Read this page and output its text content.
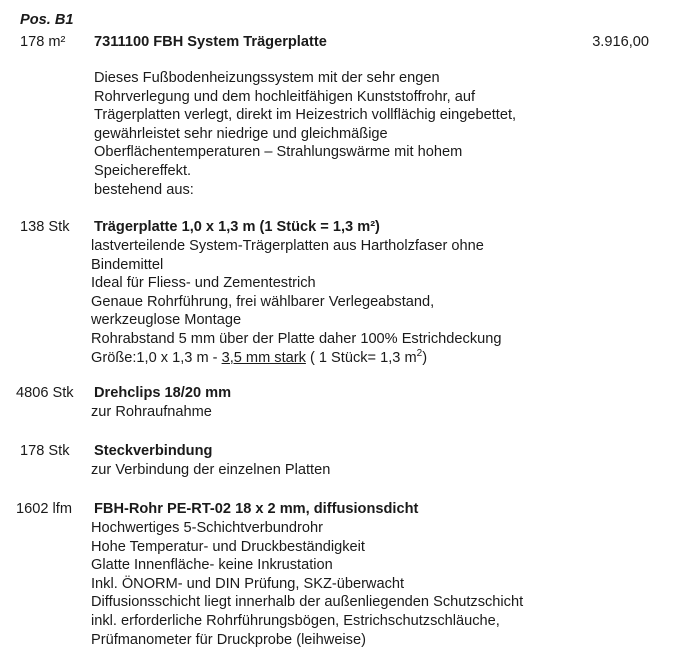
Pos. B1
178 m² 7311100 FBH System Trägerplatte	3.916,00
Dieses Fußbodenheizungssystem mit der sehr engen
Rohrverlegung und dem hochleitfähigen Kunststoffrohr, auf
Trägerplatten verlegt, direkt im Heizestrich vollflächig eingebettet,
gewährleistet sehr niedrige und gleichmäßige
Oberflächentemperaturen – Strahlungswärme mit hohem
Speichereffekt.
bestehend aus:
138 Stk Trägerplatte 1,0 x 1,3 m (1 Stück = 1,3 m²)
lastverteilende System-Trägerplatten aus Hartholzfaser ohne
Bindemittel
Ideal für Fliess- und Zementestrich
Genaue Rohrführung, frei wählbarer Verlegeabstand,
werkzeuglose Montage
Rohrabstand 5 mm über der Platte daher 100% Estrichdeckung
Größe:1,0 x 1,3 m - 3,5 mm stark ( 1 Stück= 1,3 $m^2$)
4806 Stk Drehclips 18/20 mm
zur Rohraufnahme
178 Stk Steckverbindung
zur Verbindung der einzelnen Platten
1602 lfm FBH-Rohr PE-RT-02 18 x 2 mm, diffusionsdicht
Hochwertiges 5-Schichtverbundrohr
Hohe Temperatur- und Druckbeständigkeit
Glatte Innenfläche- keine Inkrustation
Inkl. ÖNORM- und DIN Prüfung, SKZ-überwacht
Diffusionsschicht liegt innerhalb der außenliegenden Schutzschicht
inkl. erforderliche Rohrführungsbögen, Estrichschutzschläuche,
Prüfmanometer für Druckprobe (leihweise)
